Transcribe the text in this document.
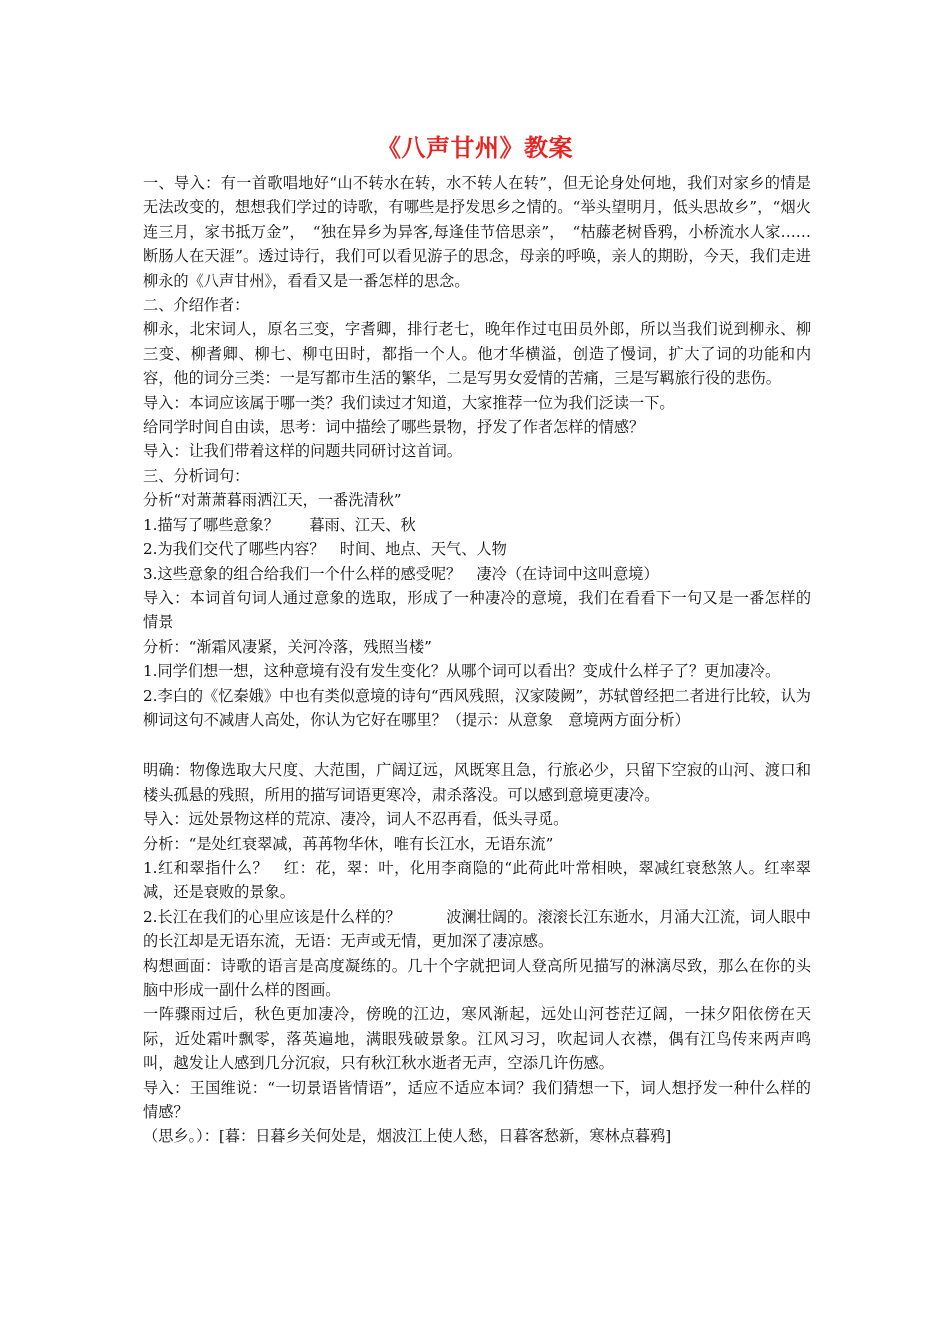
《八声甘州》教案

一、导入：有一首歌唱地好“山不转水在转，水不转人在转”，但无论身处何地，我们对家乡的情是无法改变的，想想我们学过的诗歌，有哪些是抒发思乡之情的。“举头望明月，低头思故乡”，“烟火连三月，家书抵万金”，　“独在异乡为异客,每逢佳节倍思亲”，　“枯藤老树昏鸦，小桥流水人家……断肠人在天涯”。透过诗行，我们可以看见游子的思念，母亲的呼唤，亲人的期盼，今天，我们走进柳永的《八声甘州》，看看又是一番怎样的思念。

二、介绍作者：

柳永，北宋词人，原名三变，字耆卿，排行老七，晚年作过屯田员外郎，所以当我们说到柳永、柳三变、柳耆卿、柳七、柳屯田时，都指一个人。他才华横溢，创造了慢词，扩大了词的功能和内容，他的词分三类：一是写都市生活的繁华，二是写男女爱情的苦痛，三是写羁旅行役的悲伤。

导入：本词应该属于哪一类？我们读过才知道，大家推荐一位为我们泛读一下。

给同学时间自由读，思考：词中描绘了哪些景物，抒发了作者怎样的情感？

导入：让我们带着这样的问题共同研讨这首词。

三、分析词句：

分析“对萧萧暮雨洒江天，一番洗清秋”

1.描写了哪些意象？　　暮雨、江天、秋

2.为我们交代了哪些内容？　时间、地点、天气、人物

3.这些意象的组合给我们一个什么样的感受呢？　凄冷（在诗词中这叫意境）

导入：本词首句词人通过意象的选取，形成了一种凄冷的意境，我们在看看下一句又是一番怎样的情景

分析：“渐霜风凄紧，关河冷落，残照当楼”

1.同学们想一想，这种意境有没有发生变化？从哪个词可以看出？变成什么样子了？更加凄冷。

2.李白的《忆秦娥》中也有类似意境的诗句“西风残照，汉家陵阙”，苏轼曾经把二者进行比较，认为柳词这句不减唐人高处，你认为它好在哪里？（提示：从意象　意境两方面分析）

明确：物像选取大尺度、大范围，广阔辽远，风既寒且急，行旅必少，只留下空寂的山河、渡口和楼头孤悬的残照，所用的描写词语更寒冷，肃杀落没。可以感到意境更凄冷。

导入：远处景物这样的荒凉、凄冷，词人不忍再看，低头寻觅。

分析：“是处红衰翠减，苒苒物华休，唯有长江水，无语东流”

1.红和翠指什么？　红：花，翠：叶，化用李商隐的“此荷此叶常相映，翠减红衰愁煞人。红率翠减，还是衰败的景象。

2.长江在我们的心里应该是什么样的？　　　波澜壮阔的。滚滚长江东逝水，月涌大江流，词人眼中的长江却是无语东流，无语：无声或无情，更加深了凄凉感。

构想画面：诗歌的语言是高度凝练的。几十个字就把词人登高所见描写的淋漓尽致，那么在你的头脑中形成一副什么样的图画。

一阵骤雨过后，秋色更加凄冷，傍晚的江边，寒风渐起，远处山河苍茫辽阔，一抹夕阳依傍在天际，近处霜叶飘零，落英遍地，满眼残破景象。江风习习，吹起词人衣襟，偶有江鸟传来两声鸣叫，越发让人感到几分沉寂，只有秋江秋水逝者无声，空添几许伤感。

导入：王国维说：“一切景语皆情语”，适应不适应本词？我们猜想一下，词人想抒发一种什么样的情感？

（思乡。）：[暮：日暮乡关何处是，烟波江上使人愁，日暮客愁新，寒林点暮鸦]
